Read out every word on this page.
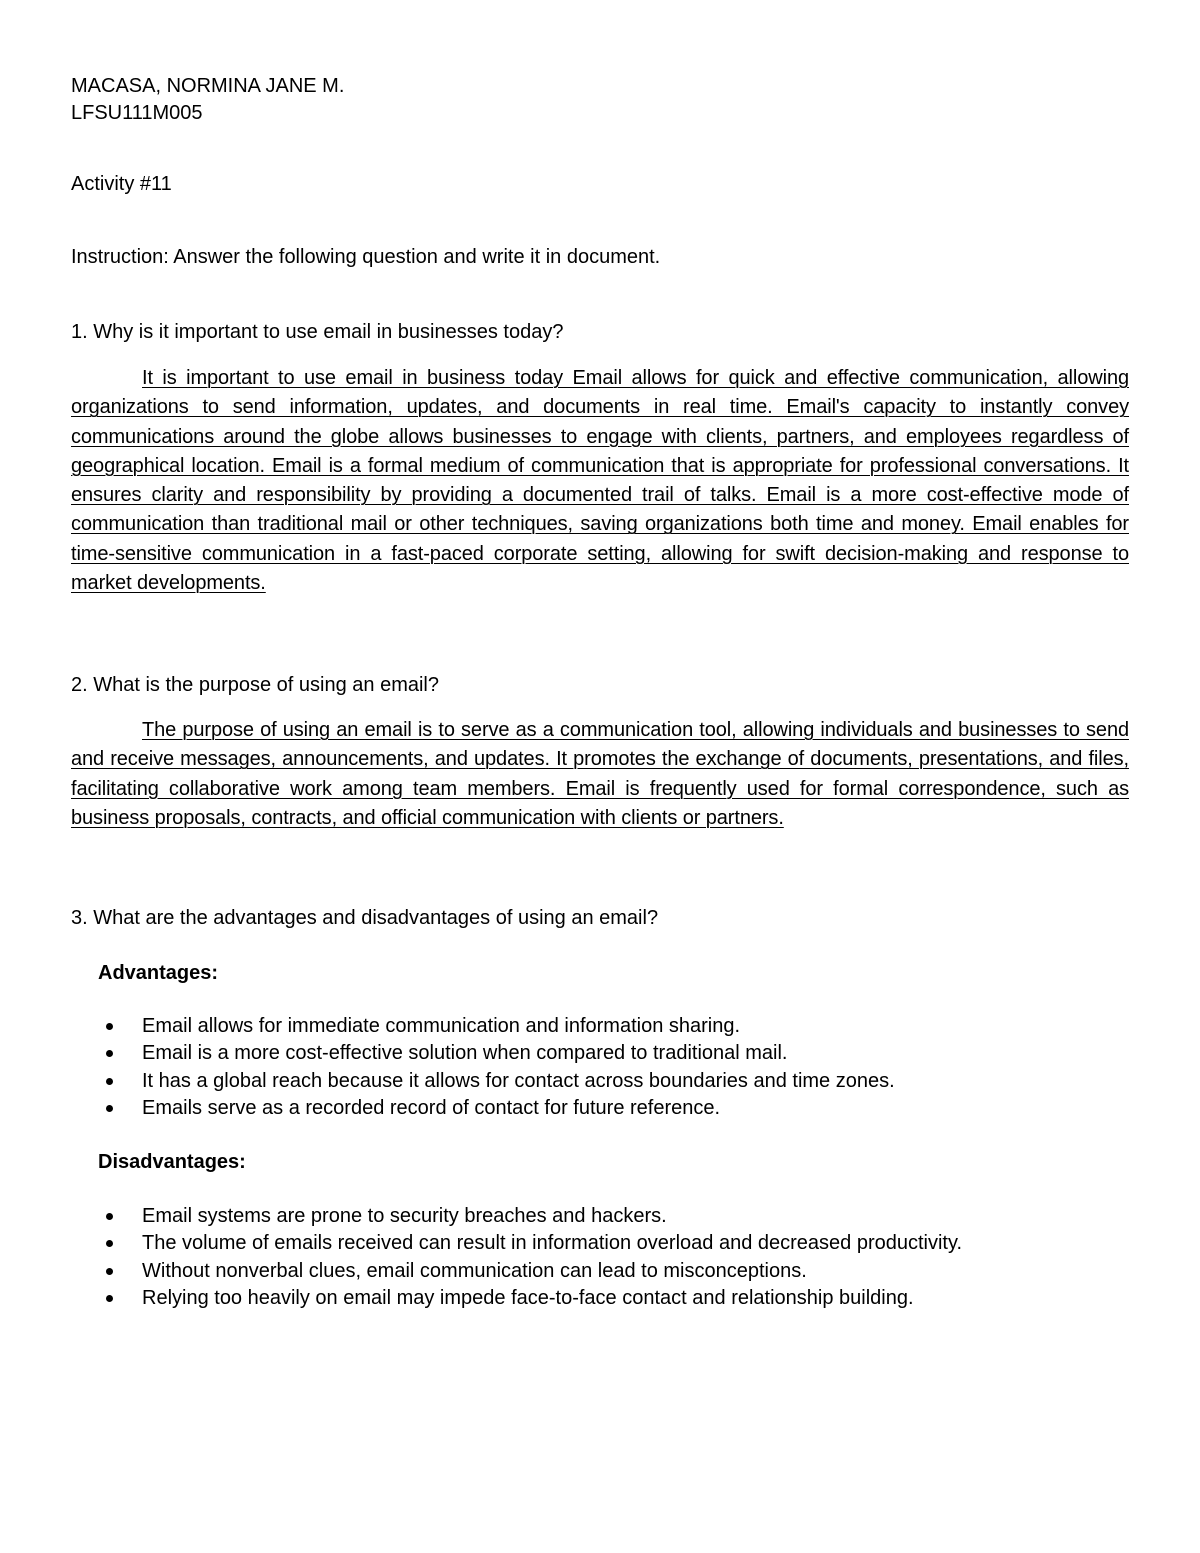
MACASA, NORMINA JANE M.
LFSU111M005
Activity #11
Instruction: Answer the following question and write it in document.
1. Why is it important to use email in businesses today?
It is important to use email in business today Email allows for quick and effective communication, allowing organizations to send information, updates, and documents in real time. Email's capacity to instantly convey communications around the globe allows businesses to engage with clients, partners, and employees regardless of geographical location. Email is a formal medium of communication that is appropriate for professional conversations. It ensures clarity and responsibility by providing a documented trail of talks. Email is a more cost-effective mode of communication than traditional mail or other techniques, saving organizations both time and money. Email enables for time-sensitive communication in a fast-paced corporate setting, allowing for swift decision-making and response to market developments.
2. What is the purpose of using an email?
The purpose of using an email is to serve as a communication tool, allowing individuals and businesses to send and receive messages, announcements, and updates. It promotes the exchange of documents, presentations, and files, facilitating collaborative work among team members. Email is frequently used for formal correspondence, such as business proposals, contracts, and official communication with clients or partners.
3. What are the advantages and disadvantages of using an email?
Advantages:
Email allows for immediate communication and information sharing.
Email is a more cost-effective solution when compared to traditional mail.
It has a global reach because it allows for contact across boundaries and time zones.
Emails serve as a recorded record of contact for future reference.
Disadvantages:
Email systems are prone to security breaches and hackers.
The volume of emails received can result in information overload and decreased productivity.
Without nonverbal clues, email communication can lead to misconceptions.
Relying too heavily on email may impede face-to-face contact and relationship building.
